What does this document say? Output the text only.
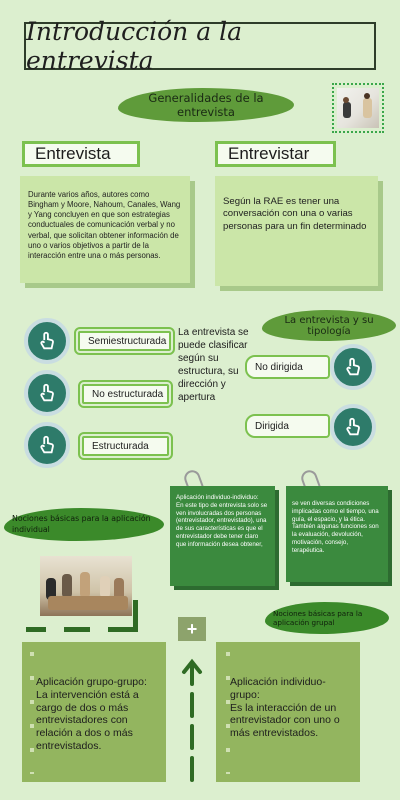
Introducción a la entrevista
Generalidades de la entrevista
Entrevista	Entrevistar
Durante varios años, autores como Bingham y Moore, Nahoum, Canales, Wang y Yang concluyen en que son estrategias conductuales de comunicación verbal y no verbal, que solicitan obtener información de uno o varios objetivos a partir de la interacción entre una o más personas.
Según la RAE es tener una conversación con una o varias personas para un fin determinado
La entrevista y su tipología
Semiestructurada
No estructurada
Estructurada
La entrevista se puede clasificar según su estructura, su dirección y apertura
No dirigida
Dirigida
Nociones básicas para la aplicación individual
Aplicación individuo-individuo:
En este tipo de entrevista solo se ven involucradas dos personas (entrevistador, entrevistado), una de sus características es que el entrevistador debe tener claro que información desea obtener,
se ven diversas condiciones implicadas como el tiempo, una guía, el espacio, y la ética. También algunas funciones son la evaluación, devolución, motivación, consejo, terapéutica.
Nociones básicas para la aplicación grupal
+
Aplicación grupo-grupo:
La intervención está a cargo de dos o más entrevistadores con relación a dos o más entrevistados.
Aplicación individuo-grupo:
Es la interacción de un entrevistador con uno o más entrevistados.
